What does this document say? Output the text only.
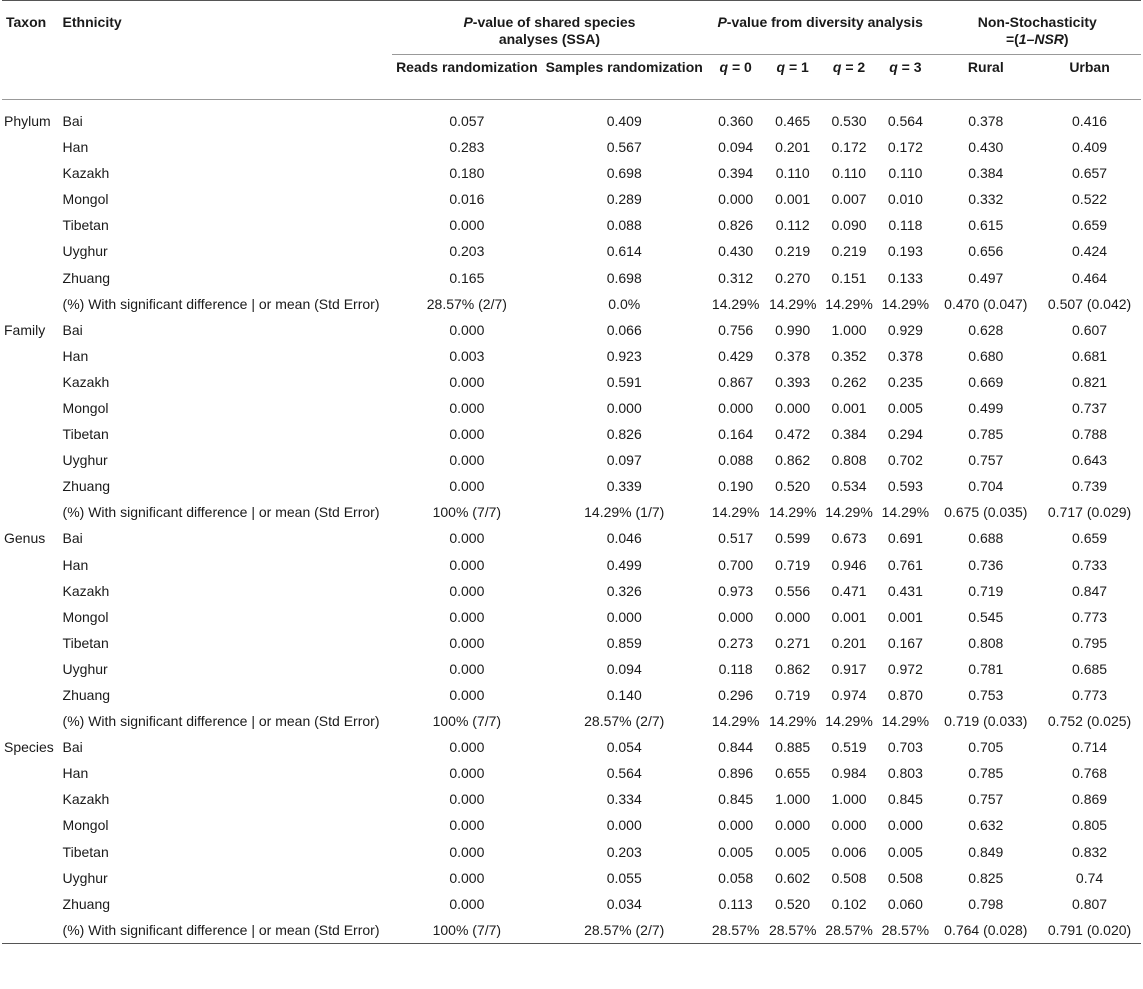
Taxon	Ethnicity	P-value of shared species
analyses (SSA)		P-value from diversity analysis				Non-Stochasticity
=(1–NSR)	
		Reads randomization	Samples randomization	q = 0	q = 1	q = 2	q = 3	Rural	Urban
Phylum	Bai	0.057	0.409	0.360	0.465	0.530	0.564	0.378	0.416
	Han	0.283	0.567	0.094	0.201	0.172	0.172	0.430	0.409
	Kazakh	0.180	0.698	0.394	0.110	0.110	0.110	0.384	0.657
	Mongol	0.016	0.289	0.000	0.001	0.007	0.010	0.332	0.522
	Tibetan	0.000	0.088	0.826	0.112	0.090	0.118	0.615	0.659
	Uyghur	0.203	0.614	0.430	0.219	0.219	0.193	0.656	0.424
	Zhuang	0.165	0.698	0.312	0.270	0.151	0.133	0.497	0.464
	(%) With significant difference | or mean (Std Error)	28.57% (2/7)	0.0%	14.29%	14.29%	14.29%	14.29%	0.470 (0.047)	0.507 (0.042)
Family	Bai	0.000	0.066	0.756	0.990	1.000	0.929	0.628	0.607
	Han	0.003	0.923	0.429	0.378	0.352	0.378	0.680	0.681
	Kazakh	0.000	0.591	0.867	0.393	0.262	0.235	0.669	0.821
	Mongol	0.000	0.000	0.000	0.000	0.001	0.005	0.499	0.737
	Tibetan	0.000	0.826	0.164	0.472	0.384	0.294	0.785	0.788
	Uyghur	0.000	0.097	0.088	0.862	0.808	0.702	0.757	0.643
	Zhuang	0.000	0.339	0.190	0.520	0.534	0.593	0.704	0.739
	(%) With significant difference | or mean (Std Error)	100% (7/7)	14.29% (1/7)	14.29%	14.29%	14.29%	14.29%	0.675 (0.035)	0.717 (0.029)
Genus	Bai	0.000	0.046	0.517	0.599	0.673	0.691	0.688	0.659
	Han	0.000	0.499	0.700	0.719	0.946	0.761	0.736	0.733
	Kazakh	0.000	0.326	0.973	0.556	0.471	0.431	0.719	0.847
	Mongol	0.000	0.000	0.000	0.000	0.001	0.001	0.545	0.773
	Tibetan	0.000	0.859	0.273	0.271	0.201	0.167	0.808	0.795
	Uyghur	0.000	0.094	0.118	0.862	0.917	0.972	0.781	0.685
	Zhuang	0.000	0.140	0.296	0.719	0.974	0.870	0.753	0.773
	(%) With significant difference | or mean (Std Error)	100% (7/7)	28.57% (2/7)	14.29%	14.29%	14.29%	14.29%	0.719 (0.033)	0.752 (0.025)
Species	Bai	0.000	0.054	0.844	0.885	0.519	0.703	0.705	0.714
	Han	0.000	0.564	0.896	0.655	0.984	0.803	0.785	0.768
	Kazakh	0.000	0.334	0.845	1.000	1.000	0.845	0.757	0.869
	Mongol	0.000	0.000	0.000	0.000	0.000	0.000	0.632	0.805
	Tibetan	0.000	0.203	0.005	0.005	0.006	0.005	0.849	0.832
	Uyghur	0.000	0.055	0.058	0.602	0.508	0.508	0.825	0.74
	Zhuang	0.000	0.034	0.113	0.520	0.102	0.060	0.798	0.807
	(%) With significant difference | or mean (Std Error)	100% (7/7)	28.57% (2/7)	28.57%	28.57%	28.57%	28.57%	0.764 (0.028)	0.791 (0.020)
